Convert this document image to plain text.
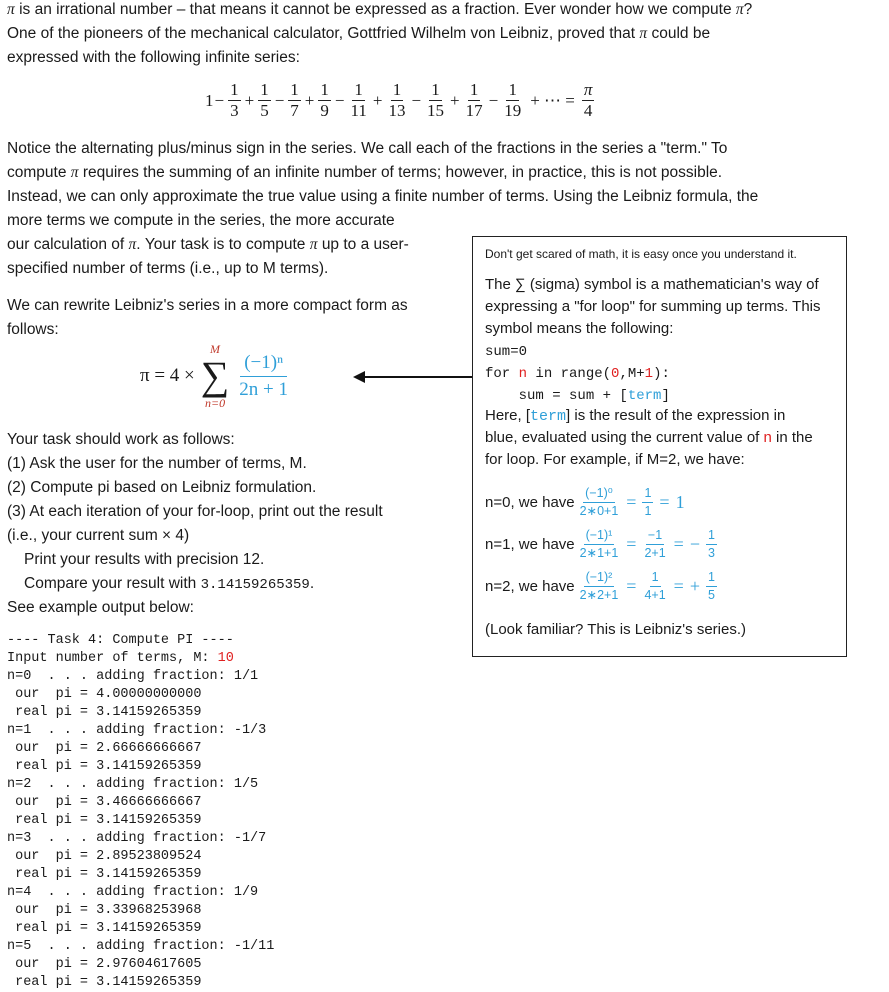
π is an irrational number – that means it cannot be expressed as a fraction. Ever wonder how we compute π?

One of the pioneers of the mechanical calculator, Gottfried Wilhelm von Leibniz, proved that π could be

expressed with the following infinite series:

$1 - \frac{1}{3} + \frac{1}{5} - \frac{1}{7} + \frac{1}{9} - \frac{1}{11} + \frac{1}{13} - \frac{1}{15} + \frac{1}{17} - \frac{1}{19}$ + ⋯ = $\frac{\pi}{4}$

Notice the alternating plus/minus sign in the series. We call each of the fractions in the series a "term." To

compute π requires the summing of an infinite number of terms; however, in practice, this is not possible.

Instead, we can only approximate the true value using a finite number of terms. Using the Leibniz formula, the

more terms we compute in the series, the more accurate

our calculation of π. Your task is to compute π up to a user-

specified number of terms (i.e., up to M terms).

We can rewrite Leibniz's series in a more compact form as

follows:

π = 4 ×
M
∑
n=0
$\frac{\text{(−1)ⁿ}}{2n + 1}$

Your task should work as follows:

(1) Ask the user for the number of terms, M.

(2) Compute pi based on Leibniz formulation.

(3) At each iteration of your for-loop, print out the result

(i.e., your current sum × 4)

Print your results with precision 12.

Compare your result with 3.14159265359.

See example output below:

Don't get scared of math, it is easy once you understand it.

The ∑ (sigma) symbol is a mathematician's way of

expressing a "for loop" for summing up terms. This

symbol means the following:

sum=0

for n in range(0,M+1):

sum = sum + [term]

Here, [term] is the result of the expression in

blue, evaluated using the current value of n in the

for loop. For example, if M=2, we have:

n=0, we have $\frac{\text{(−1)⁰}}{2∗0+1} = \frac{1}{1} = 1$
n=1, we have $\frac{\text{(−1)¹}}{2∗1+1} = \frac{-1}{2+1}$ = − $\frac{1}{3}$
n=2, we have $\frac{\text{(−1)²}}{2∗2+1} = \frac{1}{4+1}$ = + $\frac{1}{5}$

(Look familiar? This is Leibniz's series.)

---- Task 4: Compute PI ----
Input number of terms, M: 10
n=0  . . . adding fraction: 1/1
our  pi = 4.00000000000
real pi = 3.14159265359
n=1  . . . adding fraction: -1/3
our  pi = 2.66666666667
real pi = 3.14159265359
n=2  . . . adding fraction: 1/5
our  pi = 3.46666666667
real pi = 3.14159265359
n=3  . . . adding fraction: -1/7
our  pi = 2.89523809524
real pi = 3.14159265359
n=4  . . . adding fraction: 1/9
our  pi = 3.33968253968
real pi = 3.14159265359
n=5  . . . adding fraction: -1/11
our  pi = 2.97604617605
real pi = 3.14159265359
